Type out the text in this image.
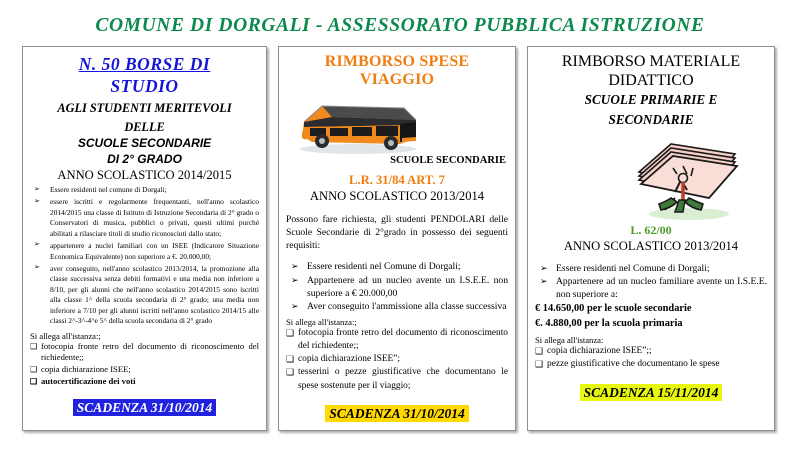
COMUNE DI DORGALI - ASSESSORATO PUBBLICA ISTRUZIONE
N. 50 BORSE DI
STUDIO
AGLI STUDENTI MERITEVOLI
DELLE
SCUOLE SECONDARIE
DI 2° GRADO
ANNO SCOLASTICO 2014/2015
➢ Essere residenti nel comune di Dorgali;
➢ essere iscritti e regolarmente frequentanti, nell'anno scolastico 2014/2015 una classe di Istituto di Istruzione Secondaria di 2° grado o Conservatori di musica, pubblici o privati, questi ultimi purché abilitati a rilasciare titoli di studio riconosciuti dallo stato;
➢ appartenere a nuclei familiari con un ISEE (Indicatore Situazione Economica Equivalente) non superiore a €. 20.000,00;
➢ aver conseguito, nell'anno scolastico 2013/2014, la promozione alla classe successiva senza debiti formativi e una media non inferiore a 8/10, per gli alunni che nell'anno scolastico 2014/2015 sono iscritti alla classe 1^ della scuola secondaria di 2° grado; una media non inferiore a 7/10 per gli alunni iscritti nell'anno scolastico 2014/15 alle classi 2^-3^-4^e 5^ della scuola secondaria di 2° grado
Si allega all'istanza:;
❑ fotocopia fronte retro del documento di riconoscimento del richiedente;;
❑ copia dichiarazione ISEE;
❑ autocertificazione dei voti
SCADENZA 31/10/2014
RIMBORSO SPESE VIAGGIO
SCUOLE SECONDARIE
L.R. 31/84 ART. 7
ANNO SCOLASTICO 2013/2014
Possono fare richiesta, gli studenti PENDOLARI delle Scuole Secondarie di 2°grado in possesso dei seguenti requisiti:
➢ Essere residenti nel Comune di Dorgali;
➢ Appartenere ad un nucleo avente un I.S.E.E. non superiore a € 20.000,00
➢ Aver conseguito l'ammissione alla classe successiva
Si allega all'istanza:;
❑ fotocopia fronte retro del documento di riconoscimento del richiedente;;
❑ copia dichiarazione ISEE”;
❑ tesserini o pezze giustificative che documentano le spese sostenute per il viaggio;
SCADENZA 31/10/2014
RIMBORSO MATERIALE
DIDATTICO
SCUOLE PRIMARIE E
SECONDARIE
L. 62/00
ANNO SCOLASTICO 2013/2014
➢ Essere residenti nel Comune di Dorgali;
➢ Appartenere ad un nucleo familiare avente un I.S.E.E. non superiore a:
€ 14.650,00 per le scuole secondarie
€. 4.880,00 per la scuola primaria
Si allega all'istanza:
❑ copia dichiarazione ISEE”;;
❑ pezze giustificative che documentano le spese
SCADENZA 15/11/2014
